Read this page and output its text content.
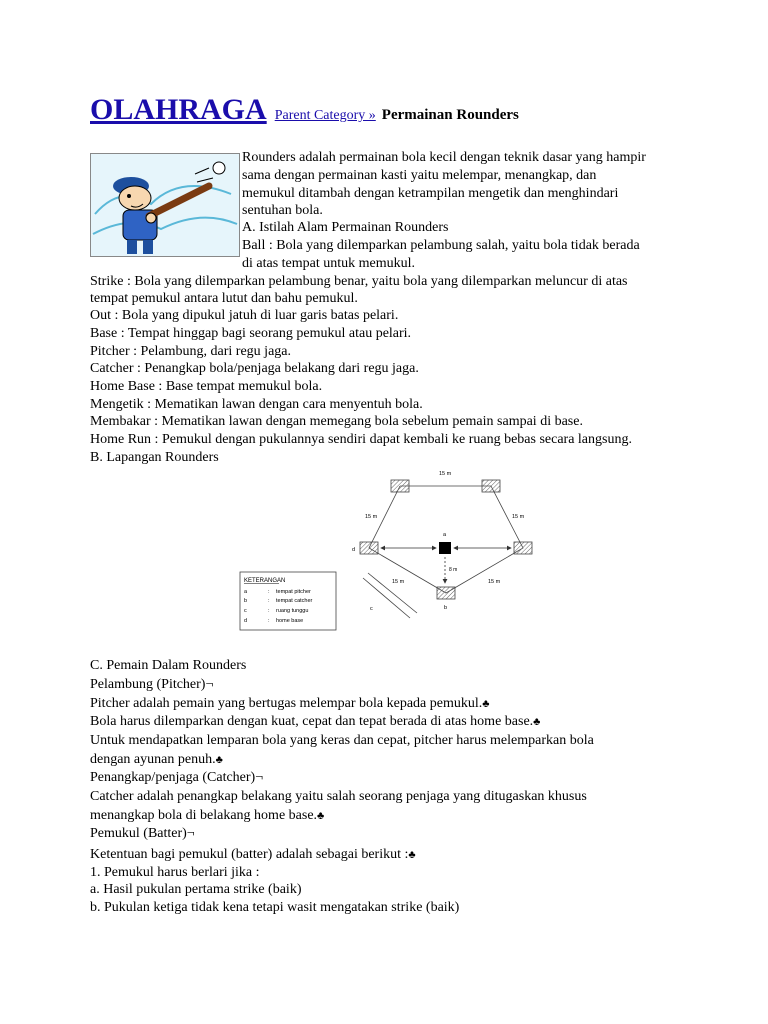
OLAHRAGA Parent Category » Permainan Rounders
Rounders adalah permainan bola kecil dengan teknik dasar yang hampir
sama dengan permainan kasti yaitu melempar, menangkap, dan
memukul ditambah dengan ketrampilan mengetik dan menghindari
sentuhan bola.
A. Istilah Alam Permainan Rounders
Ball : Bola yang dilemparkan pelambung salah, yaitu bola tidak berada
di atas tempat untuk memukul.
Strike : Bola yang dilemparkan pelambung benar, yaitu bola yang dilemparkan meluncur di atas
tempat pemukul antara lutut dan bahu pemukul.
Out : Bola yang dipukul jatuh di luar garis batas pelari.
Base : Tempat hinggap bagi seorang pemukul atau pelari.
Pitcher : Pelambung, dari regu jaga.
Catcher : Penangkap bola/penjaga belakang dari regu jaga.
Home Base : Base tempat memukul bola.
Mengetik : Mematikan lawan dengan cara menyentuh bola.
Membakar : Mematikan lawan dengan memegang bola sebelum pemain sampai di base.
Home Run : Pemukul dengan pukulannya sendiri dapat kembali ke ruang bebas secara langsung.
B. Lapangan Rounders
15 m
15 m	15 m
15 m	15 m
a
b
d
c
8 m
KETERANGAN
a	: tempat pitcher
b	: tempat catcher
c	: ruang tunggu
d	: home base
C. Pemain Dalam Rounders
Pelambung (Pitcher)¬
Pitcher adalah pemain yang bertugas melempar bola kepada pemukul.♣
Bola harus dilemparkan dengan kuat, cepat dan tepat berada di atas home base.♣
Untuk mendapatkan lemparan bola yang keras dan cepat, pitcher harus melemparkan bola
dengan ayunan penuh.♣
Penangkap/penjaga (Catcher)¬
Catcher adalah penangkap belakang yaitu salah seorang penjaga yang ditugaskan khusus
menangkap bola di belakang home base.♣
Pemukul (Batter)¬
Ketentuan bagi pemukul (batter) adalah sebagai berikut :♣
1. Pemukul harus berlari jika :
a. Hasil pukulan pertama strike (baik)
b. Pukulan ketiga tidak kena tetapi wasit mengatakan strike (baik)
